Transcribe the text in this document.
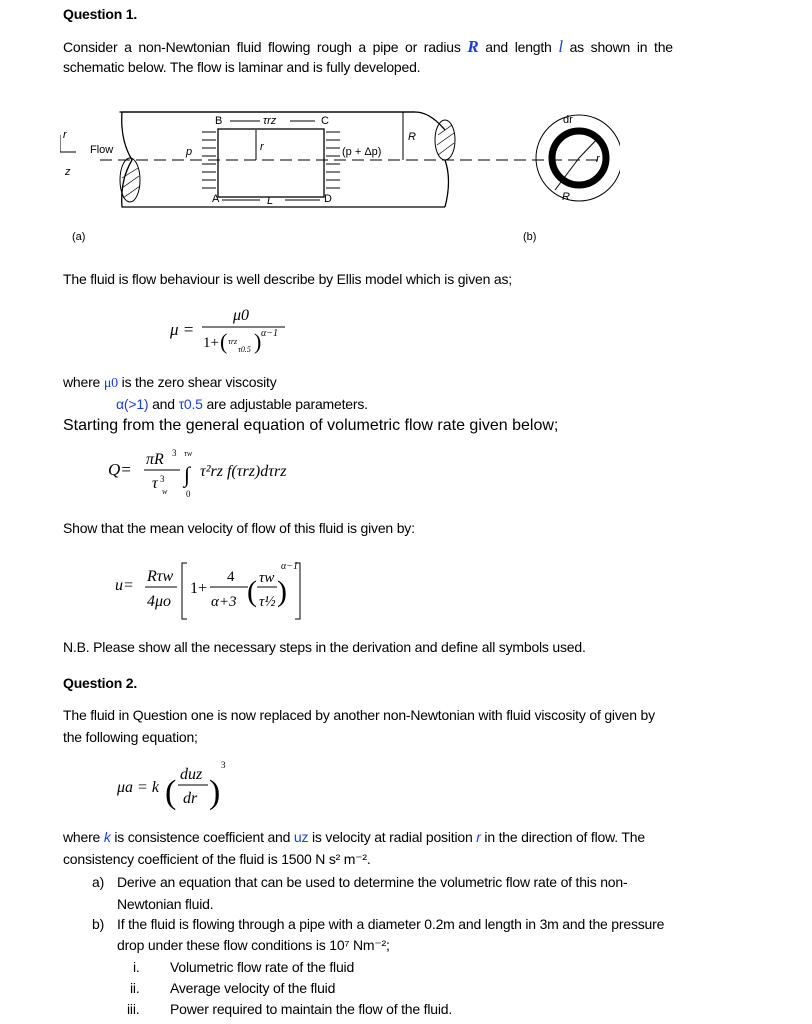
Question 1.
Consider a non-Newtonian fluid flowing rough a pipe or radius R and length l as shown in the
schematic below. The flow is laminar and is fully developed.
B	C
A	D
τrz
r
L
R
p	(p + Δp)
Flow
r
z
dr
r
R
(a)	(b)
The fluid is flow behaviour is well describe by Ellis model which is given as;
μ =
μ0
1+ ( τrz
τ0.5 ) α−1
where μ0 is the zero shear viscosity
α(>1) and τ0.5 are adjustable parameters.
Starting from the general equation of volumetric flow rate given below;
Q=
πR 3
τ 3
w
τw
∫
0
τ²rz f(τrz)dτrz
Show that the mean velocity of flow of this fluid is given by:
u=
Rτw
4μo
1+
4
α+3 ( τw
τ½ )
α−1
N.B. Please show all the necessary steps in the derivation and define all symbols used.
Question 2.
The fluid in Question one is now replaced by another non-Newtonian with fluid viscosity of given by
the following equation;
μa = k ( duz
dr )
3
where k is consistence coefficient and uz is velocity at radial position r in the direction of flow. The
consistency coefficient of the fluid is 1500 N s² m⁻².
a) Derive an equation that can be used to determine the volumetric flow rate of this non-
Newtonian fluid.
b) If the fluid is flowing through a pipe with a diameter 0.2m and length in 3m and the pressure
drop under these flow conditions is 10⁷ Nm⁻²;
i. Volumetric flow rate of the fluid
ii. Average velocity of the fluid
iii. Power required to maintain the flow of the fluid.
